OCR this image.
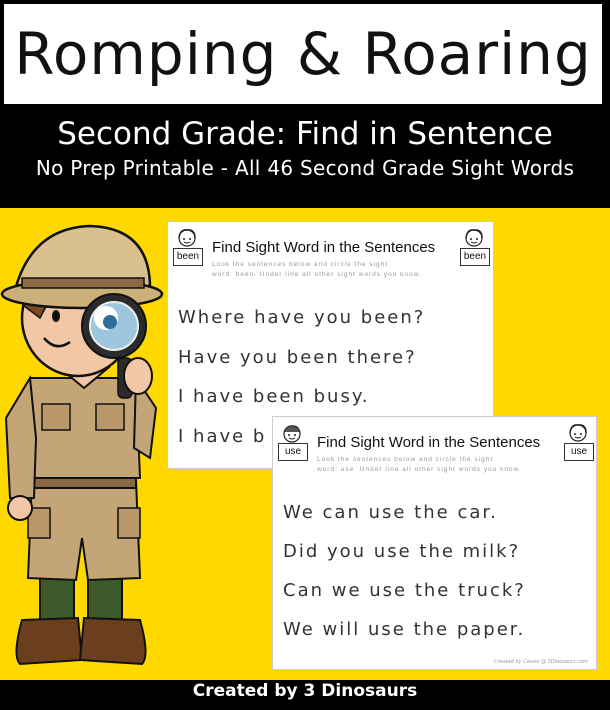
Romping & Roaring
Second Grade: Find in Sentence
No Prep Printable - All 46 Second Grade Sight Words
been
Find Sight Word in the Sentences
Look the sentences below and circle the sight
word: been. Under line all other sight words you know.
been
Where have you been?
Have you been there?
I have been busy.
I have b
use
Find Sight Word in the Sentences
Look the sentences below and circle the sight
word: use. Under line all other sight words you know.
use
We can use the car.
Did you use the milk?
Can we use the truck?
We will use the paper.
Created by Cassie @ 3Dinosaurs.com
Created by 3 Dinosaurs
